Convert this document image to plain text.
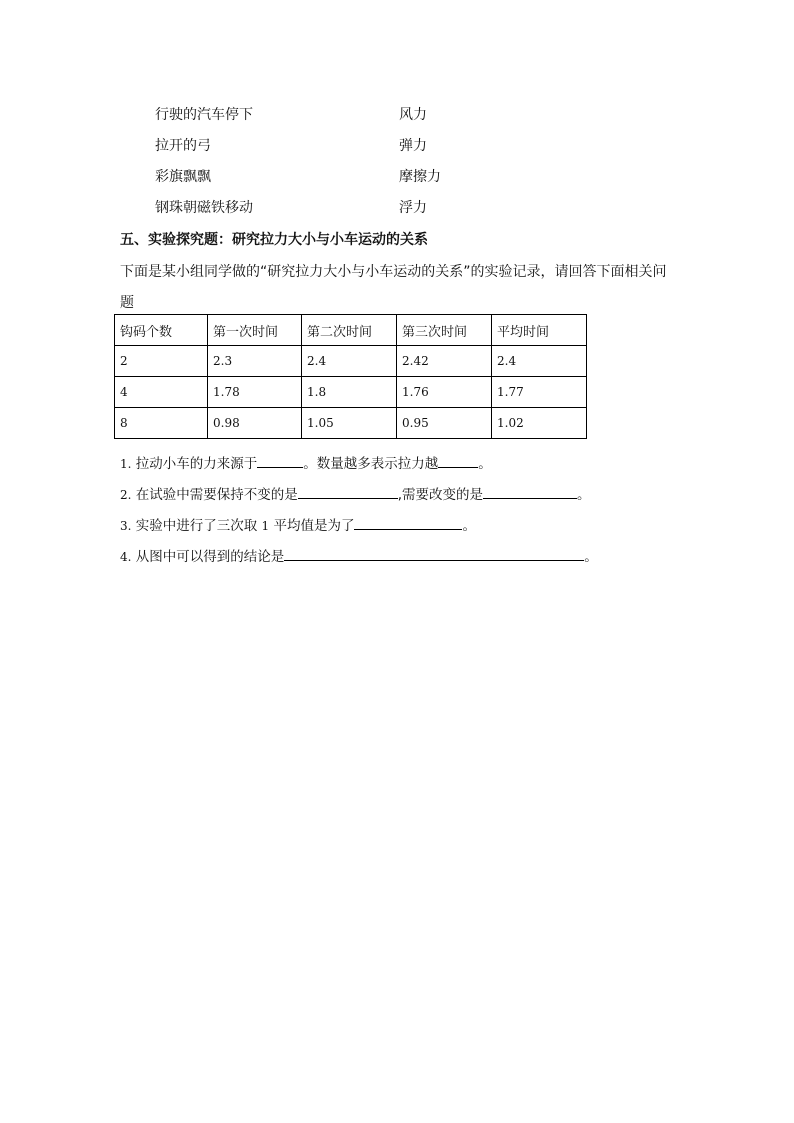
行驶的汽车停下	风力
拉开的弓	弹力
彩旗飘飘	摩擦力
钢珠朝磁铁移动	浮力
五、实验探究题：研究拉力大小与小车运动的关系
下面是某小组同学做的“研究拉力大小与小车运动的关系”的实验记录，请回答下面相关问
题
钩码个数	第一次时间	第二次时间	第三次时间	平均时间
2	2.3	2.4	2.42	2.4
4	1.78	1.8	1.76	1.77
8	0.98	1.05	0.95	1.02
1. 拉动小车的力来源于	。数量越多表示拉力越	。
2. 在试验中需要保持不变的是	,需要改变的是	。
3. 实验中进行了三次取 1 平均值是为了	。
4. 从图中可以得到的结论是	。
